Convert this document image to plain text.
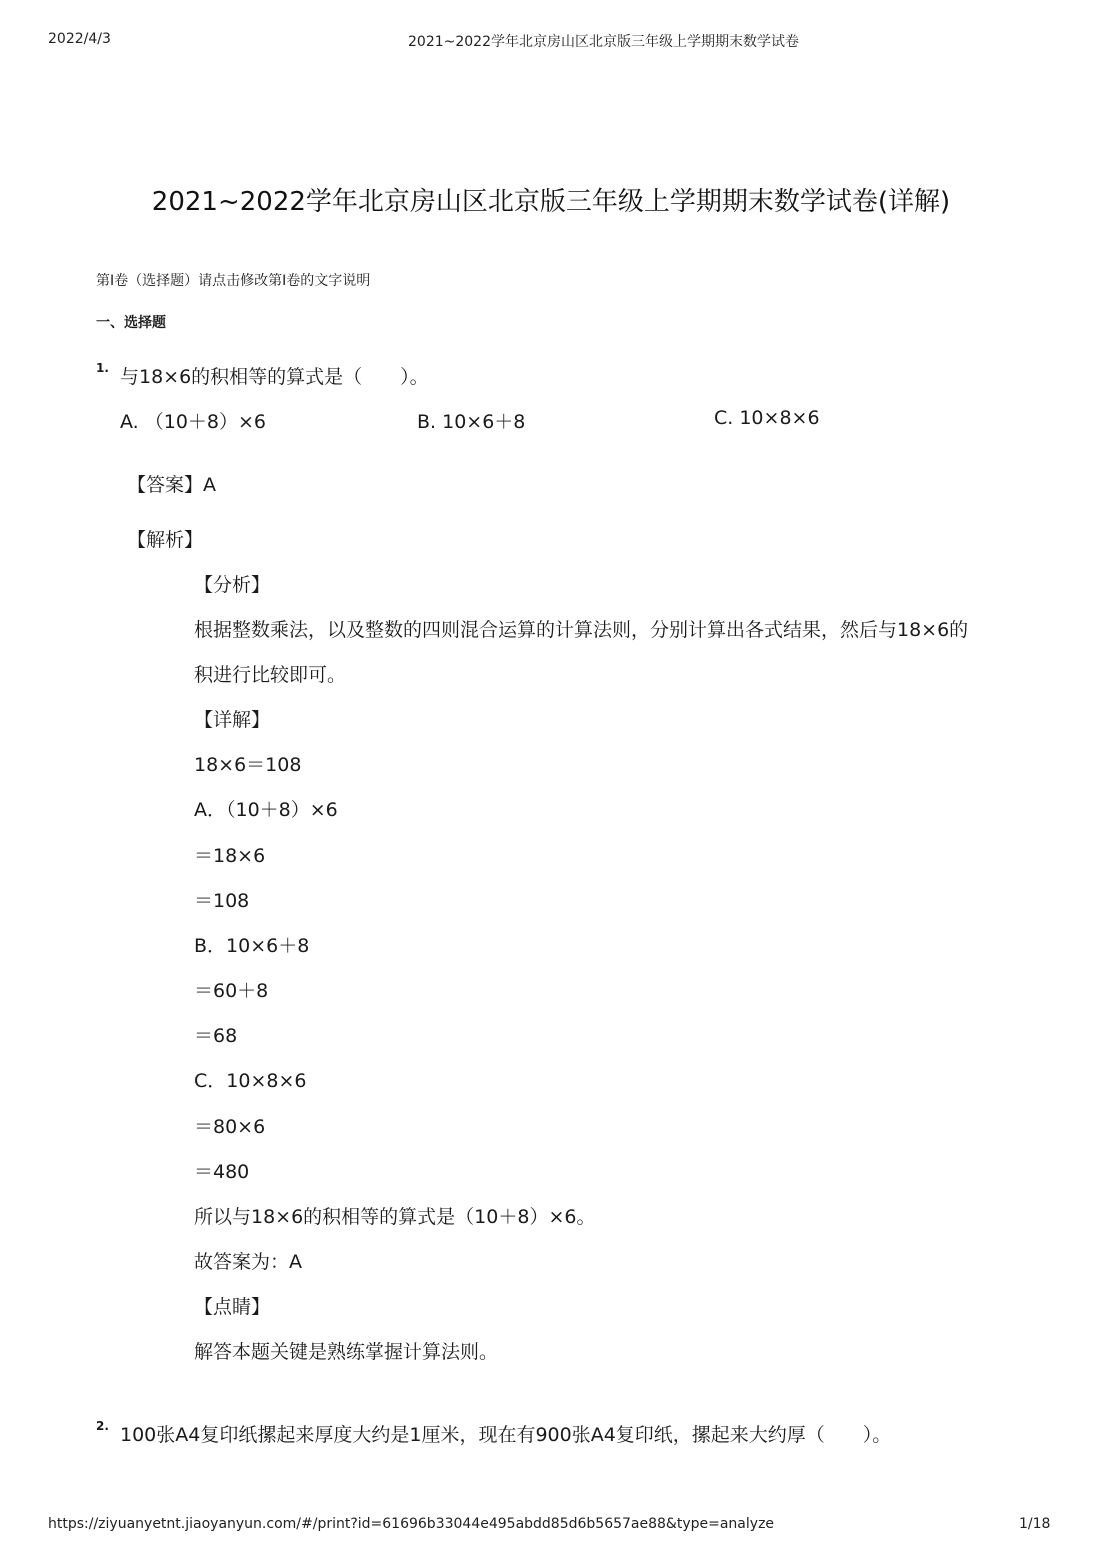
2022/4/3	2021~2022学年北京房山区北京版三年级上学期期末数学试卷
2021~2022学年北京房山区北京版三年级上学期期末数学试卷(详解)
第I卷（选择题）请点击修改第I卷的文字说明
一、选择题
1. 与18×6的积相等的算式是（　　）。
A. （10＋8）×6	B. 10×6＋8	C. 10×8×6
【答案】A
【解析】
【分析】
根据整数乘法，以及整数的四则混合运算的计算法则，分别计算出各式结果，然后与18×6的
积进行比较即可。
【详解】
18×6＝108
A．（10＋8）×6
＝18×6
＝108
B．10×6＋8
＝60＋8
＝68
C．10×8×6
＝80×6
＝480
所以与18×6的积相等的算式是（10＋8）×6。
故答案为：A
【点睛】
解答本题关键是熟练掌握计算法则。
2. 100张A4复印纸摞起来厚度大约是1厘米，现在有900张A4复印纸，摞起来大约厚（　　）。
https://ziyuanyetnt.jiaoyanyun.com/#/print?id=61696b33044e495abdd85d6b5657ae88&type=analyze	1/18
